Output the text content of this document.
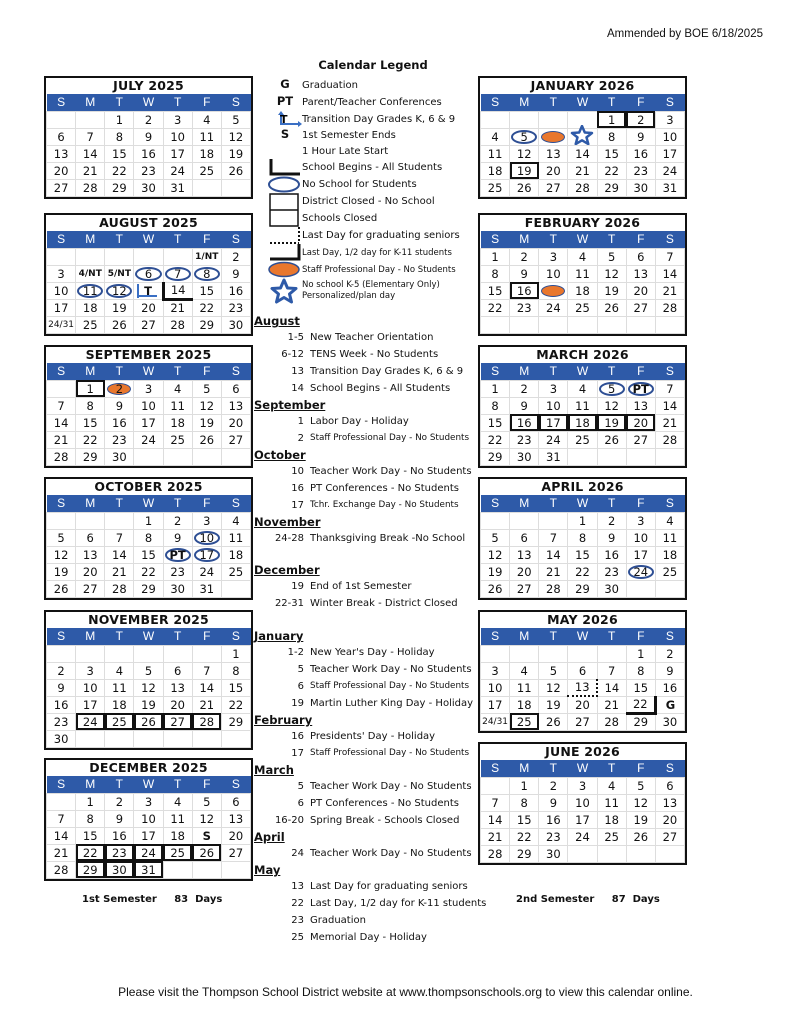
Ammended by BOE 6/18/2025
JULY 2025
S	M	T	W	T	F	S
		1	2	3	4	5
6	7	8	9	10	11	12
13	14	15	16	17	18	19
20	21	22	23	24	25	26
27	28	29	30	31		
AUGUST 2025
S	M	T	W	T	F	S
					1/NT	2
3	4/NT	5/NT	6	7	8	9
10	11	12	T	14	15	16
17	18	19	20	21	22	23
24/31	25	26	27	28	29	30
SEPTEMBER 2025
S	M	T	W	T	F	S
	1	2	3	4	5	6
7	8	9	10	11	12	13
14	15	16	17	18	19	20
21	22	23	24	25	26	27
28	29	30				
OCTOBER 2025
S	M	T	W	T	F	S
			1	2	3	4
5	6	7	8	9	10	11
12	13	14	15	PT	17	18
19	20	21	22	23	24	25
26	27	28	29	30	31	
NOVEMBER 2025
S	M	T	W	T	F	S
						1
2	3	4	5	6	7	8
9	10	11	12	13	14	15
16	17	18	19	20	21	22
23	24	25	26	27	28	29
30						
DECEMBER 2025
S	M	T	W	T	F	S
	1	2	3	4	5	6
7	8	9	10	11	12	13
14	15	16	17	18	S	20
21	22	23	24	25	26	27
28	29	30	31			
JANUARY 2026
S	M	T	W	T	F	S
				1	2	3
4	5			8	9	10
11	12	13	14	15	16	17
18	19	20	21	22	23	24
25	26	27	28	29	30	31
FEBRUARY 2026
S	M	T	W	T	F	S
1	2	3	4	5	6	7
8	9	10	11	12	13	14
15	16		18	19	20	21
22	23	24	25	26	27	28

MARCH 2026
S	M	T	W	T	F	S
1	2	3	4	5	PT	7
8	9	10	11	12	13	14
15	16	17	18	19	20	21
22	23	24	25	26	27	28
29	30	31				
APRIL 2026
S	M	T	W	T	F	S
			1	2	3	4
5	6	7	8	9	10	11
12	13	14	15	16	17	18
19	20	21	22	23	24	25
26	27	28	29	30		
MAY 2026
S	M	T	W	T	F	S
					1	2
3	4	5	6	7	8	9
10	11	12	13	14	15	16
17	18	19	20	21	22	G
24/31	25	26	27	28	29	30
JUNE 2026
S	M	T	W	T	F	S
	1	2	3	4	5	6
7	8	9	10	11	12	13
14	15	16	17	18	19	20
21	22	23	24	25	26	27
28	29	30				
Calendar Legend
G	Graduation
PT Parent/Teacher Conferences
T Transition Day Grades K, 6 & 9
S	1st Semester Ends
1 Hour Late Start
School Begins - All Students
No School for Students
District Closed - No School
Schools Closed
Last Day for graduating seniors
Last Day, 1/2 day for K-11 students
Staff Professional Day - No Students
No school K-5 (Elementary Only)
Personalized/plan day
August
1-5 New Teacher Orientation
6-12 TENS Week - No Students
13 Transition Day Grades K, 6 & 9
14 School Begins - All Students
September
1 Labor Day - Holiday
2 Staff Professional Day - No Students
October
10 Teacher Work Day - No Students
16 PT Conferences - No Students
17 Tchr. Exchange Day - No Students
November
24-28 Thanksgiving Break -No School
December
19 End of 1st Semester
22-31 Winter Break - District Closed
January
1-2 New Year's Day - Holiday
5 Teacher Work Day - No Students
6 Staff Professional Day - No Students
19 Martin Luther King Day - Holiday
February
16 Presidents' Day - Holiday
17 Staff Professional Day - No Students
March
5 Teacher Work Day - No Students
6 PT Conferences - No Students
16-20 Spring Break - Schools Closed
April
24 Teacher Work Day - No Students
May
13 Last Day for graduating seniors
22 Last Day, 1/2 day for K-11 students
23 Graduation
25 Memorial Day - Holiday
1st Semester     83  Days	2nd Semester     87  Days
Please visit the Thompson School District website at www.thompsonschools.org to view this calendar online.
